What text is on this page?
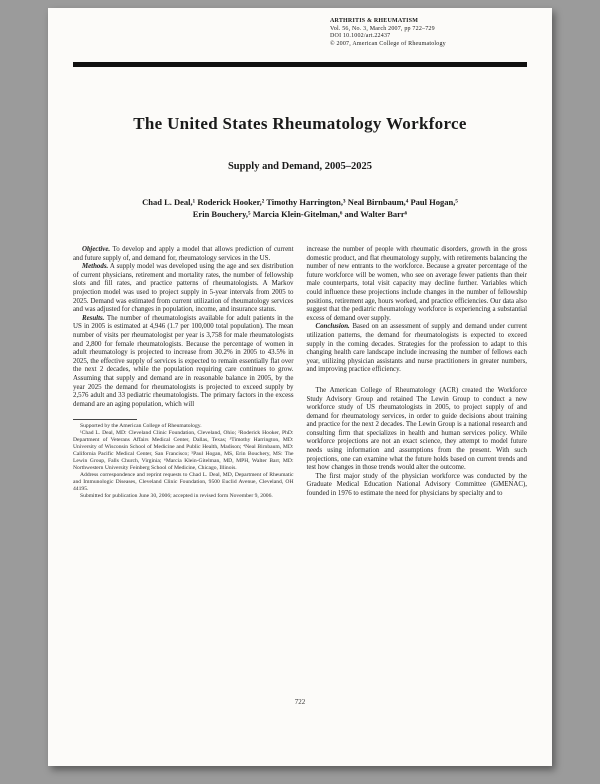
ARTHRITIS & RHEUMATISM
Vol. 56, No. 3, March 2007, pp 722–729
DOI 10.1002/art.22437
© 2007, American College of Rheumatology
The United States Rheumatology Workforce
Supply and Demand, 2005–2025
Chad L. Deal,¹ Roderick Hooker,² Timothy Harrington,³ Neal Birnbaum,⁴ Paul Hogan,⁵
Erin Bouchery,⁵ Marcia Klein-Gitelman,⁶ and Walter Barr⁶

Objective. To develop and apply a model that allows prediction of current and future supply of, and demand for, rheumatology services in the US.

Methods. A supply model was developed using the age and sex distribution of current physicians, retirement and mortality rates, the number of fellowship slots and fill rates, and practice patterns of rheumatologists. A Markov projection model was used to project supply in 5-year intervals from 2005 to 2025. Demand was estimated from current utilization of rheumatology services and was adjusted for changes in population, income, and insurance status.

Results. The number of rheumatologists available for adult patients in the US in 2005 is estimated at 4,946 (1.7 per 100,000 total population). The mean number of visits per rheumatologist per year is 3,758 for male rheumatologists and 2,800 for female rheumatologists. Because the percentage of women in adult rheumatology is projected to increase from 30.2% in 2005 to 43.5% in 2025, the effective supply of services is expected to remain essentially flat over the next 2 decades, while the population requiring care continues to grow. Assuming that supply and demand are in reasonable balance in 2005, by the year 2025 the demand for rheumatologists is projected to exceed supply by 2,576 adult and 33 pediatric rheumatologists. The primary factors in the excess demand are an aging population, which will

Supported by the American College of Rheumatology.

¹Chad L. Deal, MD: Cleveland Clinic Foundation, Cleveland, Ohio; ²Roderick Hooker, PhD: Department of Veterans Affairs Medical Center, Dallas, Texas; ³Timothy Harrington, MD: University of Wisconsin School of Medicine and Public Health, Madison; ⁴Neal Birnbaum, MD: California Pacific Medical Center, San Francisco; ⁵Paul Hogan, MS, Erin Bouchery, MS: The Lewin Group, Falls Church, Virginia; ⁶Marcia Klein-Gitelman, MD, MPH, Walter Barr, MD: Northwestern University Feinberg School of Medicine, Chicago, Illinois.

Address correspondence and reprint requests to Chad L. Deal, MD, Department of Rheumatic and Immunologic Diseases, Cleveland Clinic Foundation, 9500 Euclid Avenue, Cleveland, OH 44195.

Submitted for publication June 30, 2006; accepted in revised form November 9, 2006.

increase the number of people with rheumatic disorders, growth in the gross domestic product, and flat rheumatology supply, with retirements balancing the number of new entrants to the workforce. Because a greater percentage of the future workforce will be women, who see on average fewer patients than their male counterparts, total visit capacity may decline further. Variables which could influence these projections include changes in the number of fellowship positions, retirement age, hours worked, and practice efficiencies. Our data also suggest that the pediatric rheumatology workforce is experiencing a substantial excess of demand over supply.

Conclusion. Based on an assessment of supply and demand under current utilization patterns, the demand for rheumatologists is expected to exceed supply in the coming decades. Strategies for the profession to adapt to this changing health care landscape include increasing the number of fellows each year, utilizing physician assistants and nurse practitioners in greater numbers, and improving practice efficiency.

The American College of Rheumatology (ACR) created the Workforce Study Advisory Group and retained The Lewin Group to conduct a new workforce study of US rheumatologists in 2005, to project supply of and demand for rheumatology services, in order to guide decisions about training and practice for the next 2 decades. The Lewin Group is a national research and consulting firm that specializes in health and human services policy. While workforce projections are not an exact science, they attempt to model future needs using information and assumptions from the present. With such projections, one can examine what the future holds based on current trends and test how changes in those trends would alter the outcome.

The first major study of the physician workforce was conducted by the Graduate Medical Education National Advisory Committee (GMENAC), founded in 1976 to estimate the need for physicians by specialty and to

722
